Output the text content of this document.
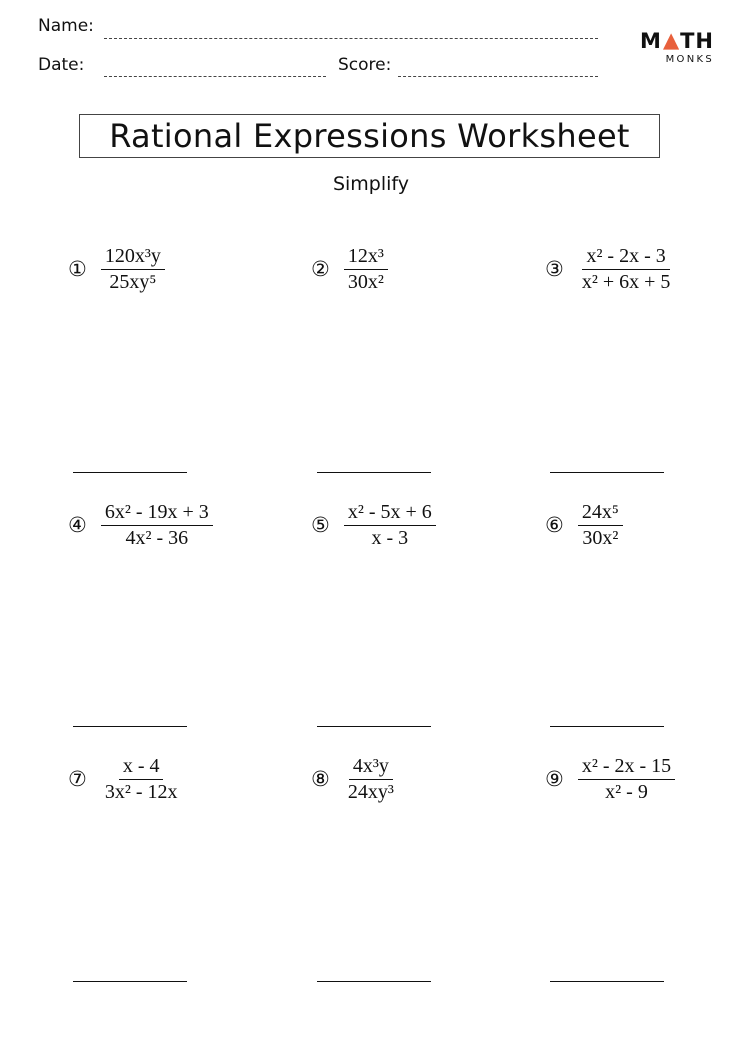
Name:
Date:	Score:
M TH
MONKS
Rational Expressions Worksheet
Simplify
① $\frac{\text{120x³y}}{\text{25xy⁵}}$	② $\frac{\text{12x³}}{\text{30x²}}$	③ $\frac{\text{x² - 2x - 3}}{\text{x² + 6x + 5}}$
④ $\frac{\text{6x² - 19x + 3}}{\text{4x² - 36}}$	⑤ $\frac{\text{x² - 5x + 6}}{x - 3}$	⑥ $\frac{\text{24x⁵}}{\text{30x²}}$
⑦ $\frac{x - 4}{\text{3x² - 12x}}$	⑧ $\frac{\text{4x³y}}{\text{24xy³}}$	⑨ $\frac{\text{x² - 2x - 15}}{\text{x² - 9}}$
